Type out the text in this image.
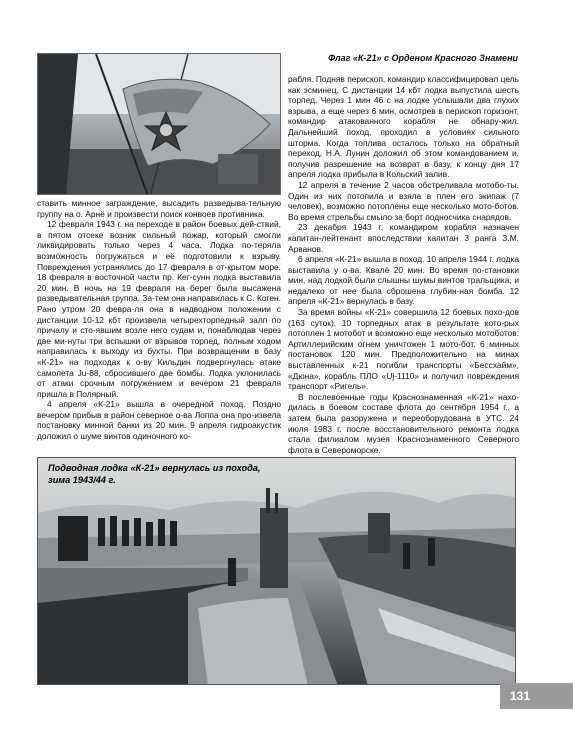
Флаг «К-21» с Орденом Красного Знамени

ставить минное заграждение, высадить разведыва-тельную группу на о. Арнё и произвести поиск конвоев противника.

12 февраля 1943 г. на переходе в район боевых дей-ствий, в пятом отсеке возник сильный пожар, который смогли ликвидировать только через 4 часа. Лодка по-теряла возможность погружаться и её подготовили к взрыву. Повреждения устранялись до 17 февраля в от-крытом море. 18 февраля в восточной части пр. Кег-сунн лодка выставила 20 мин. В ночь на 19 февраля на берег была высажена разведывательная группа. За-тем она направилась к С. Коген. Рано утром 20 февра-ля она в надводном положении с дистанции 10-12 кбт произвела четырехторпедный залп по причалу и сто-явшим возле него судам и, понаблюдав через две ми-нуты три вспышки от взрывов торпед, полным ходом направилась к выходу из бухты. При возвращении в базу «К-21» на подходах к о-ву Кильдин подвергнулась атаке самолета Ju-88, сбросившего две бомбы. Лодка уклонилась от атаки срочным погружением и вечером 21 февраля пришла в Полярный.

4 апреля «К-21» вышла в очередной поход. Поздно вечером прибыв в район северное о-ва Лоппа она про-извела постановку минной банки из 20 мин. 9 апреля гидроакустик доложил о шуме винтов одиночного ко-

рабля. Подняв перископ, командир классифицировал цель как эсминец. С дистанции 14 кбт лодка выпустила шесть торпед. Через 1 мин 46 с на лодке услышали два глухих взрыва, а еще через 6 мин, осмотрев в перископ горизонт, командир атакованного корабля не обнару-жил. Дальнейший поход, проходил в условиях сильного шторма. Когда топлива осталось только на обратный переход, Н.А. Лунин доложил об этом командованием и, получив разрешение на возврат в базу, к концу дня 17 апреля лодка прибыла в Кольский залив.

12 апреля в течение 2 часов обстреливала мотобо-ты. Один из них потопила и взяла в плен его экипаж (7 человек), возможно потоплены еще несколько мото-ботов. Во время стрельбы смыло за борт подносчика снарядов.

23 декабря 1943 г. командиром корабля назначен капитан-лейтенант впоследствии капитан 3 ранга З.М. Арванов.

6 апреля «К-21» вышла в поход. 10 апреля 1944 г. лодка выставила у о-ва. Квалё 20 мин. Во время по-становки мин, над лодкой были слышны шумы винтов тральщика, и недалеко от нее была сброшена глубин-ная бомба. 12 апреля «К-21» вернулась в базу.

За время войны «К-21» совершила 12 боевых похо-дов (163 суток), 10 торпедных атак в результате кото-рых потоплен 1 мотобот и возможно еще несколько мотоботов. Артиллерийским огнем уничтожен 1 мото-бот. 6 минных постановок 120 мин. Предположительно на минах выставленных к-21 погибли транспорты «Бессхайм», «Дюна», корабль ПЛО «Uj-1110» и получил повреждения транспорт «Ригель».

В послевоенные годы Краснознаменная «К-21» нахо-дилась в боевом составе флота до сентября 1954 г., а затем была разоружена и переоборудована в УТС. 24 июля 1983 г. после восстановительного ремонта лодка стала филиалом музея Краснознаменного Северного флота в Североморске.

Подводная лодка «К-21» вернулась из похода,
зима 1943/44 г.
131
